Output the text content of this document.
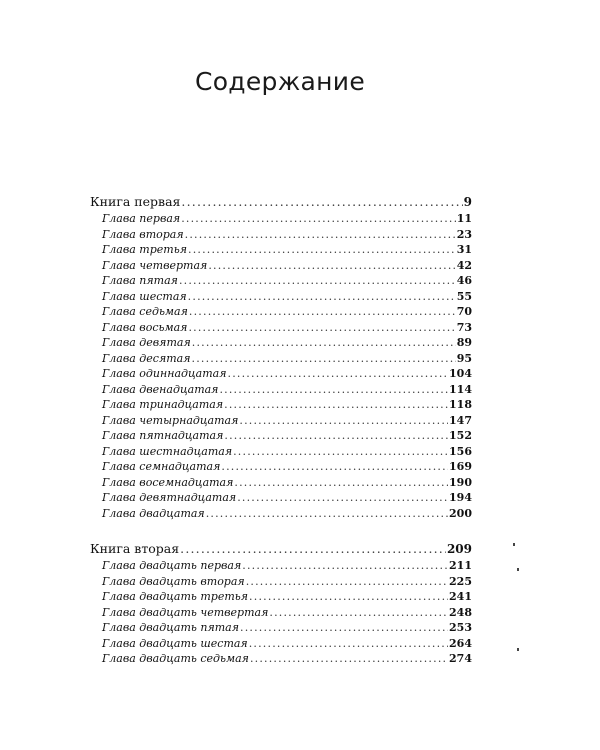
Содержание
Книга первая .....	9
Глава первая .....	11
Глава вторая .....	23
Глава третья .....	31
Глава четвертая .....	42
Глава пятая .....	46
Глава шестая .....	55
Глава седьмая .....	70
Глава восьмая .....	73
Глава девятая .....	89
Глава десятая .....	95
Глава одиннадцатая .....	104
Глава двенадцатая .....	114
Глава тринадцатая .....	118
Глава четырнадцатая .....	147
Глава пятнадцатая .....	152
Глава шестнадцатая .....	156
Глава семнадцатая .....	169
Глава восемнадцатая .....	190
Глава девятнадцатая .....	194
Глава двадцатая .....	200
Книга вторая .....	209
Глава двадцать первая .....	211
Глава двадцать вторая .....	225
Глава двадцать третья .....	241
Глава двадцать четвертая .....	248
Глава двадцать пятая .....	253
Глава двадцать шестая .....	264
Глава двадцать седьмая .....	274
